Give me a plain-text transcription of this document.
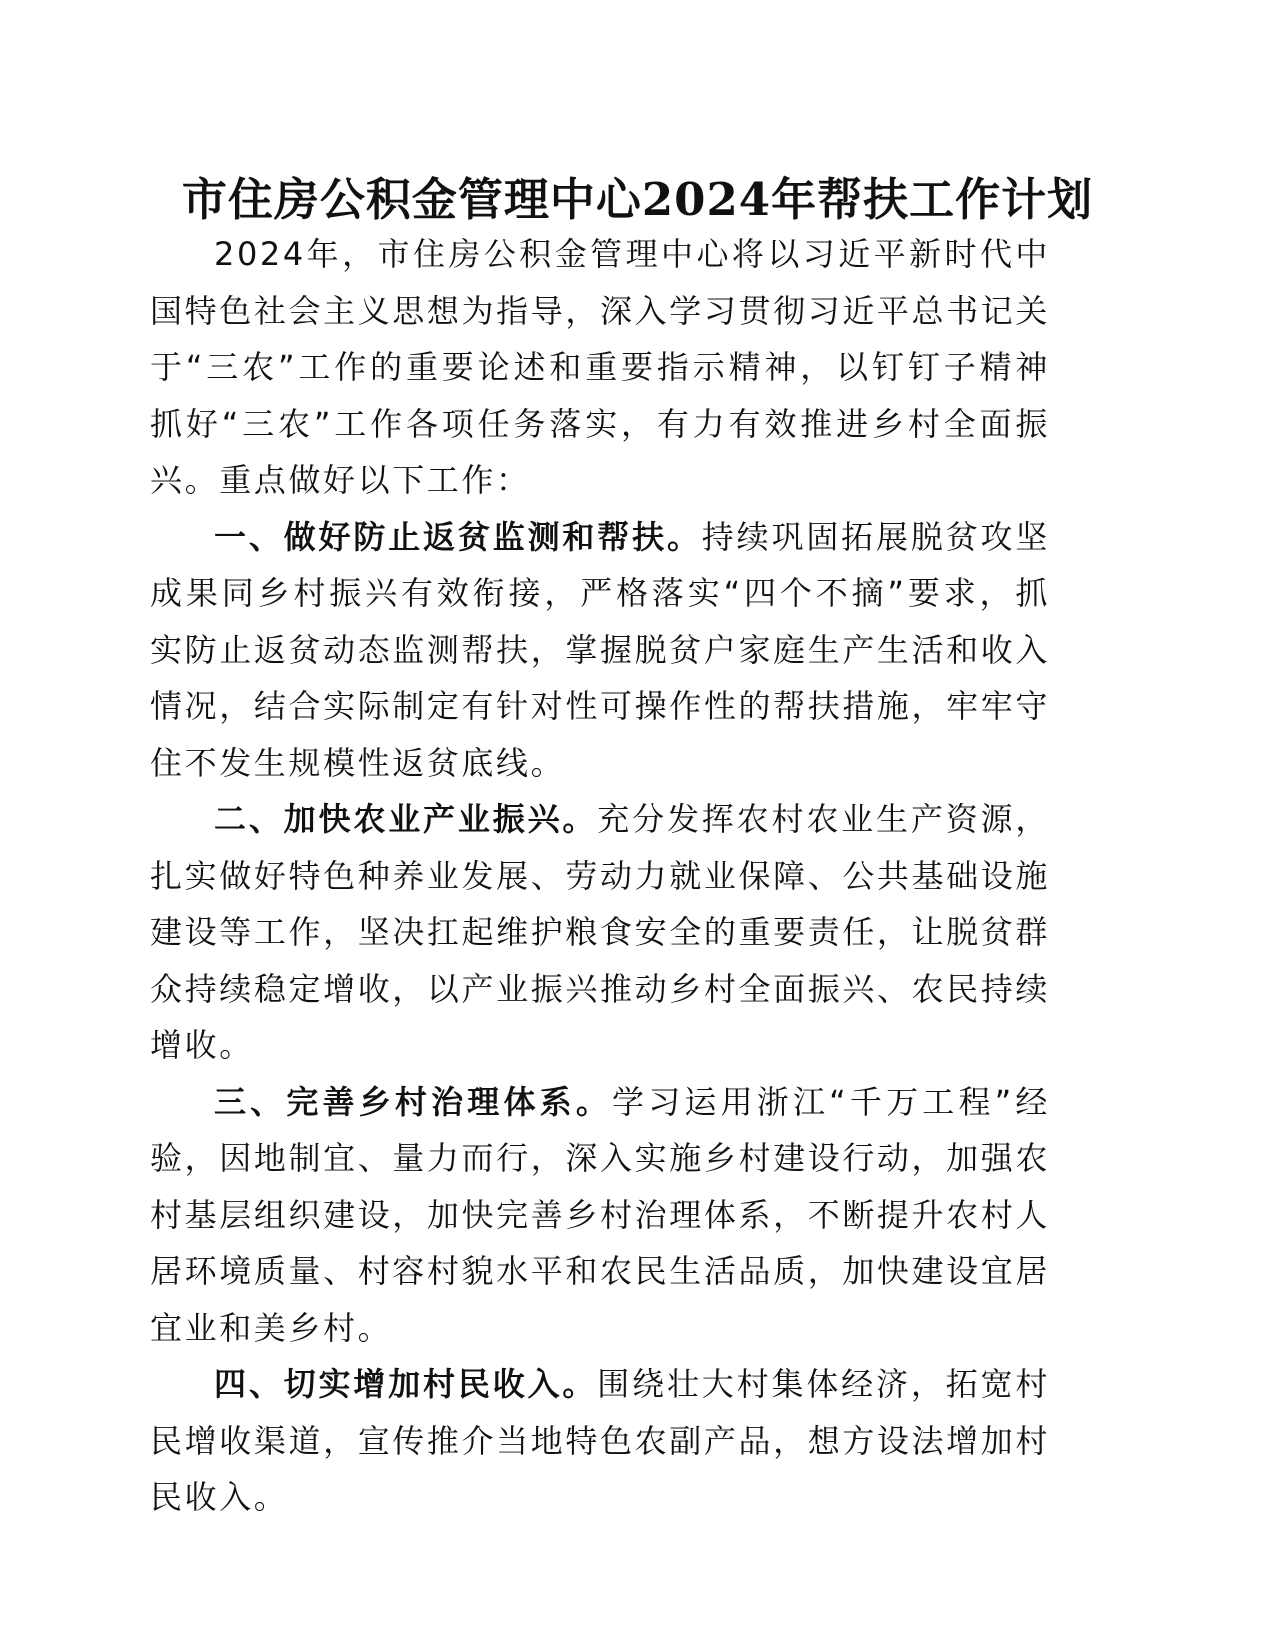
市住房公积金管理中心2024年帮扶工作计划

2024年，市住房公积金管理中心将以习近平新时代中国特色社会主义思想为指导，深入学习贯彻习近平总书记关于“三农”工作的重要论述和重要指示精神，以钉钉子精神抓好“三农”工作各项任务落实，有力有效推进乡村全面振兴。重点做好以下工作：

一、做好防止返贫监测和帮扶。持续巩固拓展脱贫攻坚成果同乡村振兴有效衔接，严格落实“四个不摘”要求，抓实防止返贫动态监测帮扶，掌握脱贫户家庭生产生活和收入情况，结合实际制定有针对性可操作性的帮扶措施，牢牢守住不发生规模性返贫底线。

二、加快农业产业振兴。充分发挥农村农业生产资源，扎实做好特色种养业发展、劳动力就业保障、公共基础设施建设等工作，坚决扛起维护粮食安全的重要责任，让脱贫群众持续稳定增收，以产业振兴推动乡村全面振兴、农民持续增收。

三、完善乡村治理体系。学习运用浙江“千万工程”经验，因地制宜、量力而行，深入实施乡村建设行动，加强农村基层组织建设，加快完善乡村治理体系，不断提升农村人居环境质量、村容村貌水平和农民生活品质，加快建设宜居宜业和美乡村。

四、切实增加村民收入。围绕壮大村集体经济，拓宽村民增收渠道，宣传推介当地特色农副产品，想方设法增加村民收入。
